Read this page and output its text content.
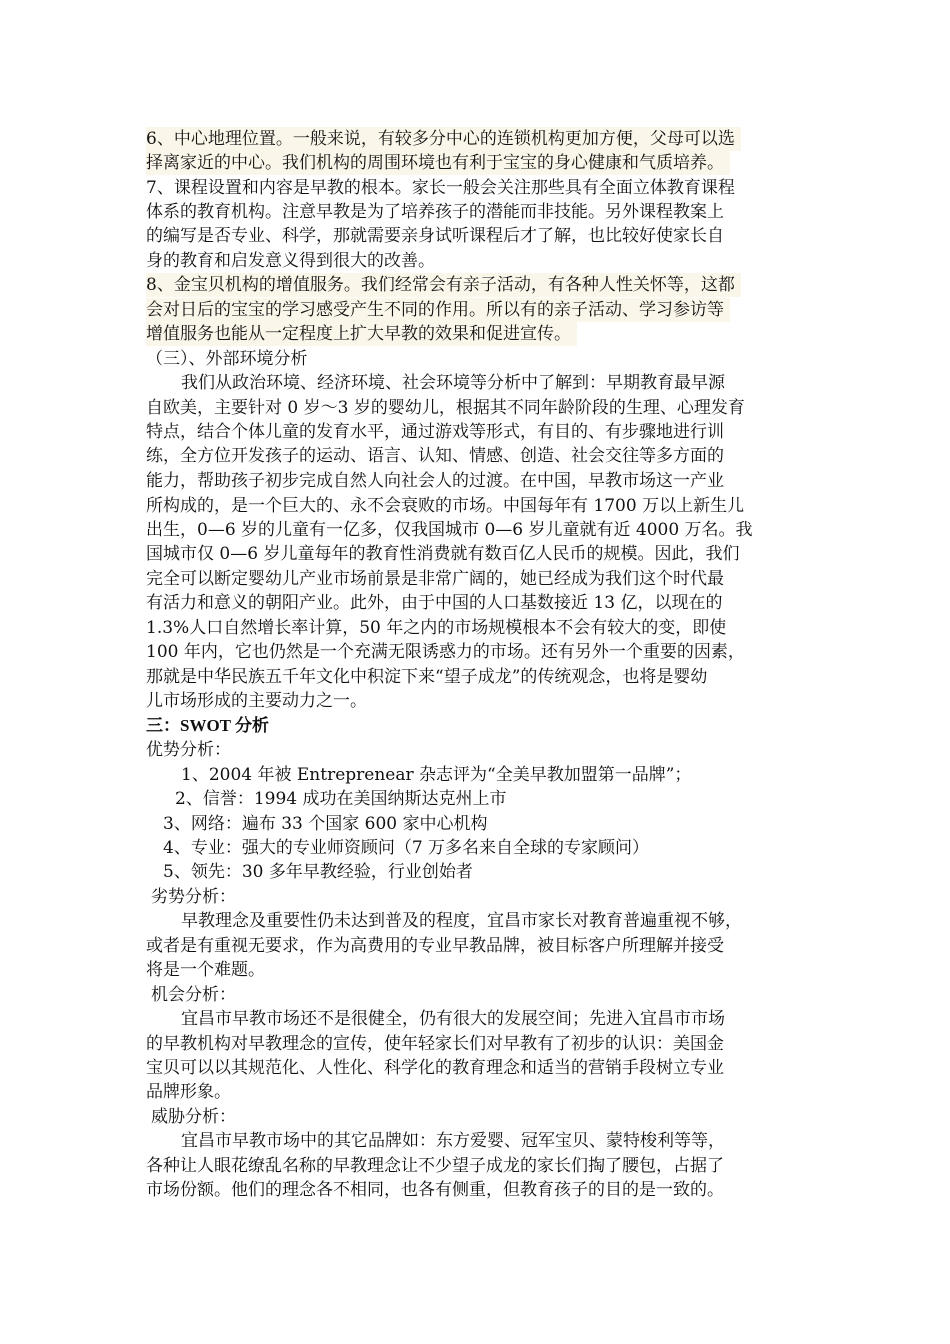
6、中心地理位置。一般来说，有较多分中心的连锁机构更加方便，父母可以选
择离家近的中心。我们机构的周围环境也有利于宝宝的身心健康和气质培养。
7、课程设置和内容是早教的根本。家长一般会关注那些具有全面立体教育课程
体系的教育机构。注意早教是为了培养孩子的潜能而非技能。另外课程教案上
的编写是否专业、科学，那就需要亲身试听课程后才了解，也比较好使家长自
身的教育和启发意义得到很大的改善。
8、金宝贝机构的增值服务。我们经常会有亲子活动，有各种人性关怀等，这都
会对日后的宝宝的学习感受产生不同的作用。所以有的亲子活动、学习参访等
增值服务也能从一定程度上扩大早教的效果和促进宣传。
（三）、外部环境分析
我们从政治环境、经济环境、社会环境等分析中了解到：早期教育最早源
自欧美，主要针对 0 岁～3 岁的婴幼儿，根据其不同年龄阶段的生理、心理发育
特点，结合个体儿童的发育水平，通过游戏等形式，有目的、有步骤地进行训
练，全方位开发孩子的运动、语言、认知、情感、创造、社会交往等多方面的
能力，帮助孩子初步完成自然人向社会人的过渡。在中国，早教市场这一产业
所构成的，是一个巨大的、永不会衰败的市场。中国每年有 1700 万以上新生儿
出生，0—6 岁的儿童有一亿多，仅我国城市 0—6 岁儿童就有近 4000 万名。我
国城市仅 0—6 岁儿童每年的教育性消费就有数百亿人民币的规模。因此，我们
完全可以断定婴幼儿产业市场前景是非常广阔的，她已经成为我们这个时代最
有活力和意义的朝阳产业。此外，由于中国的人口基数接近 13 亿，以现在的
1.3%人口自然增长率计算，50 年之内的市场规模根本不会有较大的变，即使
100 年内，它也仍然是一个充满无限诱惑力的市场。还有另外一个重要的因素，
那就是中华民族五千年文化中积淀下来“望子成龙”的传统观念，也将是婴幼
儿市场形成的主要动力之一。
三：SWOT 分析
优势分析：
1、2004 年被 Entreprenear 杂志评为“全美早教加盟第一品牌”；
2、信誉：1994 成功在美国纳斯达克州上市
3、网络：遍布 33 个国家 600 家中心机构
4、专业：强大的专业师资顾问（7 万多名来自全球的专家顾问）
5、领先：30 多年早教经验，行业创始者
劣势分析：
早教理念及重要性仍未达到普及的程度，宜昌市家长对教育普遍重视不够，
或者是有重视无要求，作为高费用的专业早教品牌，被目标客户所理解并接受
将是一个难题。
机会分析：
宜昌市早教市场还不是很健全，仍有很大的发展空间；先进入宜昌市市场
的早教机构对早教理念的宣传，使年轻家长们对早教有了初步的认识：美国金
宝贝可以以其规范化、人性化、科学化的教育理念和适当的营销手段树立专业
品牌形象。
威胁分析：
宜昌市早教市场中的其它品牌如：东方爱婴、冠军宝贝、蒙特梭利等等，
各种让人眼花缭乱名称的早教理念让不少望子成龙的家长们掏了腰包，占据了
市场份额。他们的理念各不相同，也各有侧重，但教育孩子的目的是一致的。
